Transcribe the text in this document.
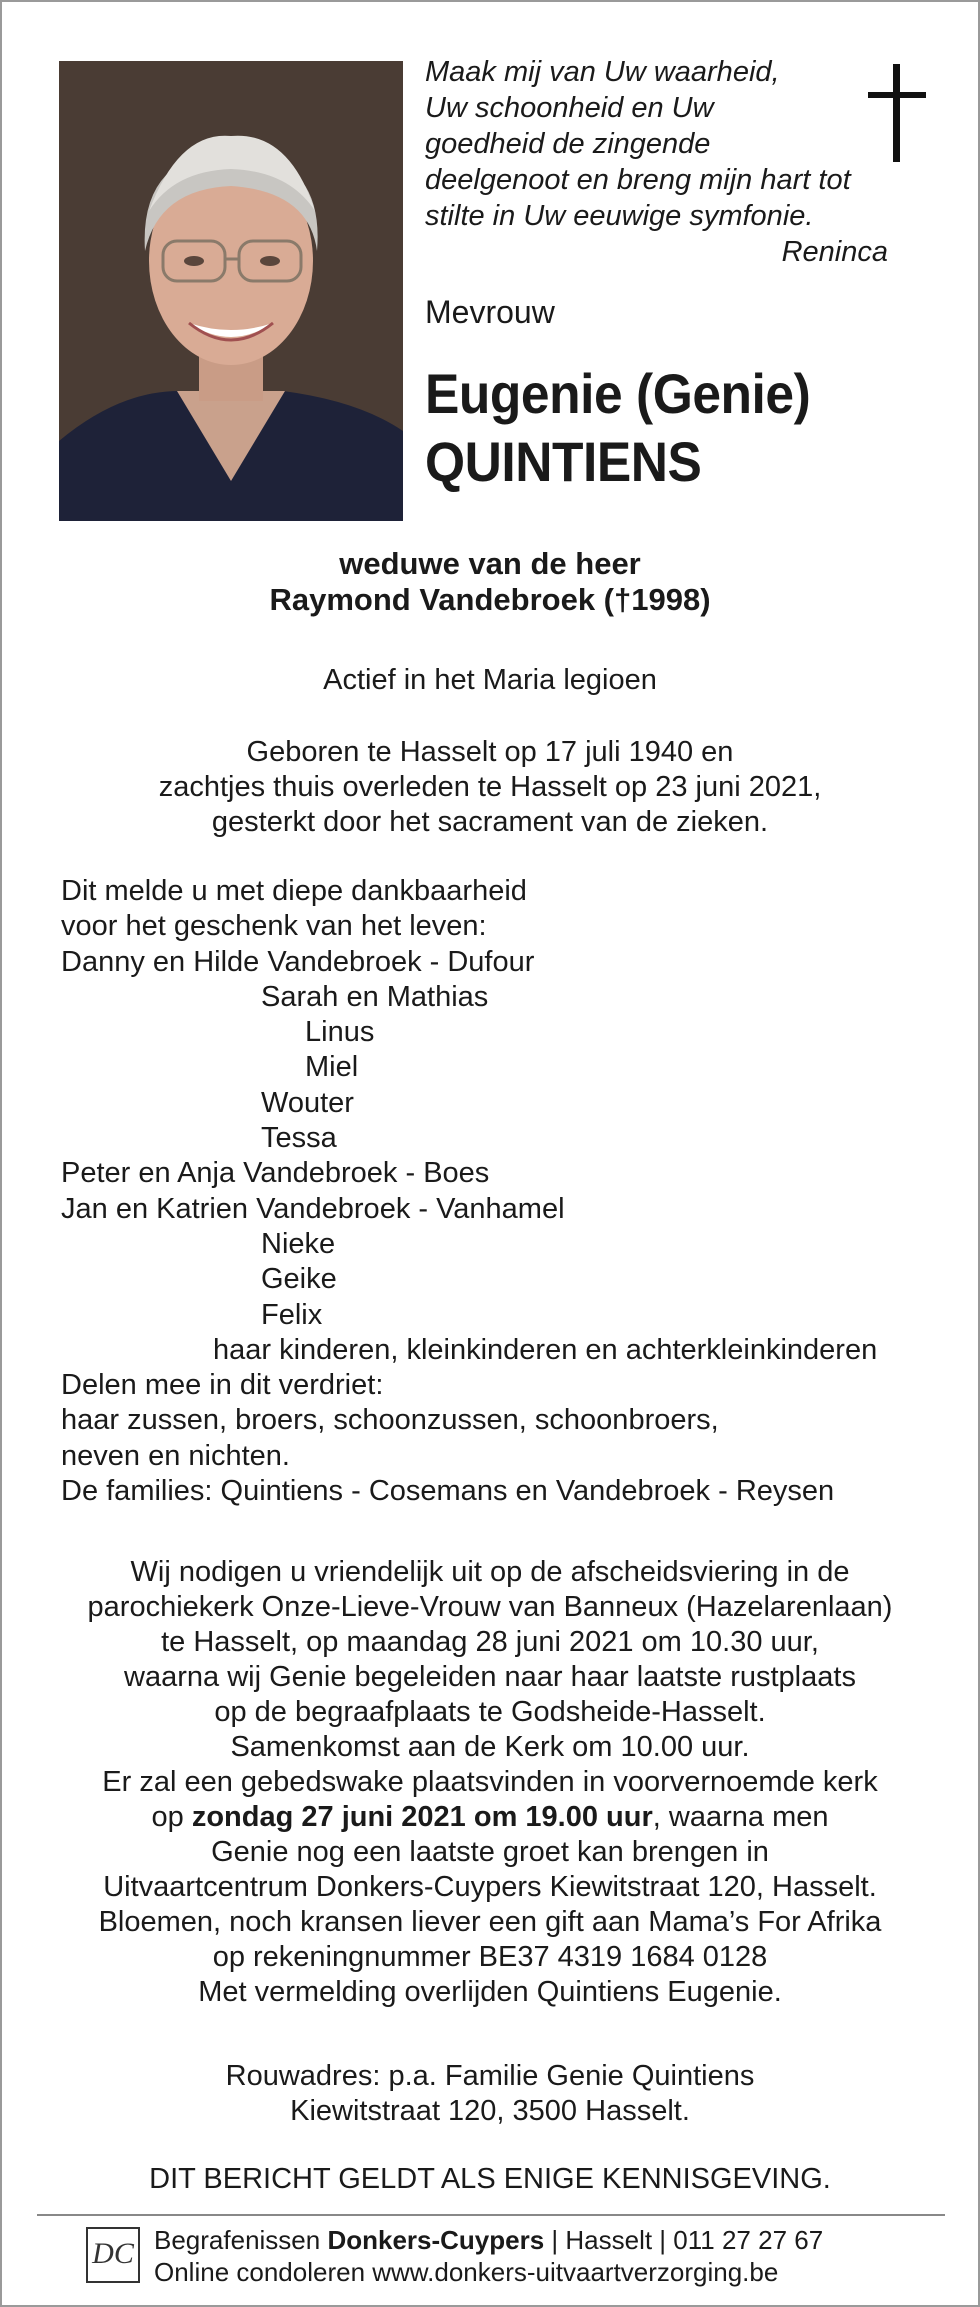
Maak mij van Uw waarheid,
Uw schoonheid en Uw
goedheid de zingende
deelgenoot en breng mijn hart tot
stilte in Uw eeuwige symfonie.
Reninca
Mevrouw
Eugenie (Genie)
QUINTIENS
weduwe van de heer
Raymond Vandebroek (†1998)
Actief in het Maria legioen
Geboren te Hasselt op 17 juli 1940 en
zachtjes thuis overleden te Hasselt op 23 juni 2021,
gesterkt door het sacrament van de zieken.
Dit melde u met diepe dankbaarheid
voor het geschenk van het leven:
Danny en Hilde Vandebroek - Dufour
Sarah en Mathias
Linus
Miel
Wouter
Tessa
Peter en Anja Vandebroek - Boes
Jan en Katrien Vandebroek - Vanhamel
Nieke
Geike
Felix
haar kinderen, kleinkinderen en achterkleinkinderen
Delen mee in dit verdriet:
haar zussen, broers, schoonzussen, schoonbroers,
neven en nichten.
De families: Quintiens - Cosemans en Vandebroek - Reysen
Wij nodigen u vriendelijk uit op de afscheidsviering in de
parochiekerk Onze-Lieve-Vrouw van Banneux (Hazelarenlaan)
te Hasselt, op maandag 28 juni 2021 om 10.30 uur,
waarna wij Genie begeleiden naar haar laatste rustplaats
op de begraafplaats te Godsheide-Hasselt.
Samenkomst aan de Kerk om 10.00 uur.
Er zal een gebedswake plaatsvinden in voorvernoemde kerk
op zondag 27 juni 2021 om 19.00 uur, waarna men
Genie nog een laatste groet kan brengen in
Uitvaartcentrum Donkers-Cuypers Kiewitstraat 120, Hasselt.
Bloemen, noch kransen liever een gift aan Mama’s For Afrika
op rekeningnummer BE37 4319 1684 0128
Met vermelding overlijden Quintiens Eugenie.
Rouwadres: p.a. Familie Genie Quintiens
Kiewitstraat 120, 3500 Hasselt.
DIT BERICHT GELDT ALS ENIGE KENNISGEVING.
DC Begrafenissen Donkers-Cuypers | Hasselt | 011 27 27 67
Online condoleren www.donkers-uitvaartverzorging.be
